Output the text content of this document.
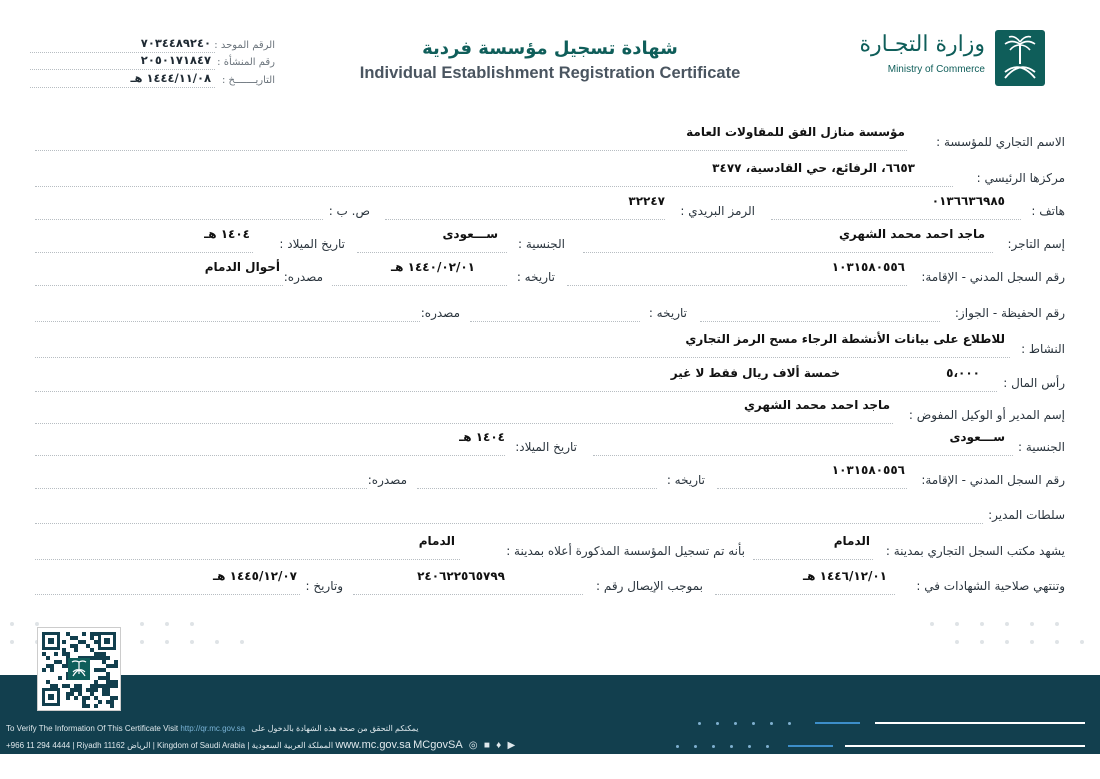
وزارة التجـارة
Ministry of Commerce
شهادة تسجيل مؤسسة فردية
Individual Establishment Registration Certificate
الرقم الموحد :
٧٠٣٤٤٨٩٢٤٠
رقم المنشأة :
٢٠٥٠١٧١٨٤٧
التاريـــــــخ :
١٤٤٤/١١/٠٨ هـ
الاسم التجاري للمؤسسة :
مؤسسة منازل الفق للمقاولات العامة
مركزها الرئيسي :
٦٦٥٣، الرفائع، حي القادسية، ٣٤٧٧
هاتف :
٠١٣٦٦٣٦٩٨٥
الرمز البريدي :
٣٢٢٤٧
ص. ب :
إسم التاجر:
ماجد احمد محمد الشهري
الجنسية :
ســـعودى
تاريخ الميلاد :
١٤٠٤ هـ
رقم السجل المدني - الإقامة:
١٠٣١٥٨٠٥٥٦
تاريخه :
١٤٤٠/٠٢/٠١ هـ
مصدره:
أحوال الدمام
رقم الحفيظة - الجواز:
تاريخه :
مصدره:
النشاط :
للاطلاع على بيانات الأنشطة الرجاء مسح الرمز التجاري
رأس المال :
٥،٠٠٠
خمسة ألاف ريال فقط لا غير
إسم المدير أو الوكيل المفوض :
ماجد احمد محمد الشهري
الجنسية :
ســـعودى
تاريخ الميلاد:
١٤٠٤ هـ
رقم السجل المدني - الإقامة:
١٠٣١٥٨٠٥٥٦
تاريخه :
مصدره:
سلطات المدير:
يشهد مكتب السجل التجاري بمدينة :
الدمام
بأنه تم تسجيل المؤسسة المذكورة أعلاه بمدينة :
الدمام
وتنتهي صلاحية الشهادات في :
١٤٤٦/١٢/٠١ هـ
بموجب الإيصال رقم :
٢٤٠٦٢٢٥٦٥٧٩٩
وتاريخ :
١٤٤٥/١٢/٠٧ هـ
To Verify The Information Of This Certificate Visit http://qr.mc.gov.sa يمكنكم التحقق من صحة هذه الشهادة بالدخول على
+966 11 294 4444 | Riyadh 11162 الرياض | Kingdom of Saudi Arabia | المملكة العربية السعودية www.mc.gov.sa MCgovSA ◎ ■ ♦ ▶
